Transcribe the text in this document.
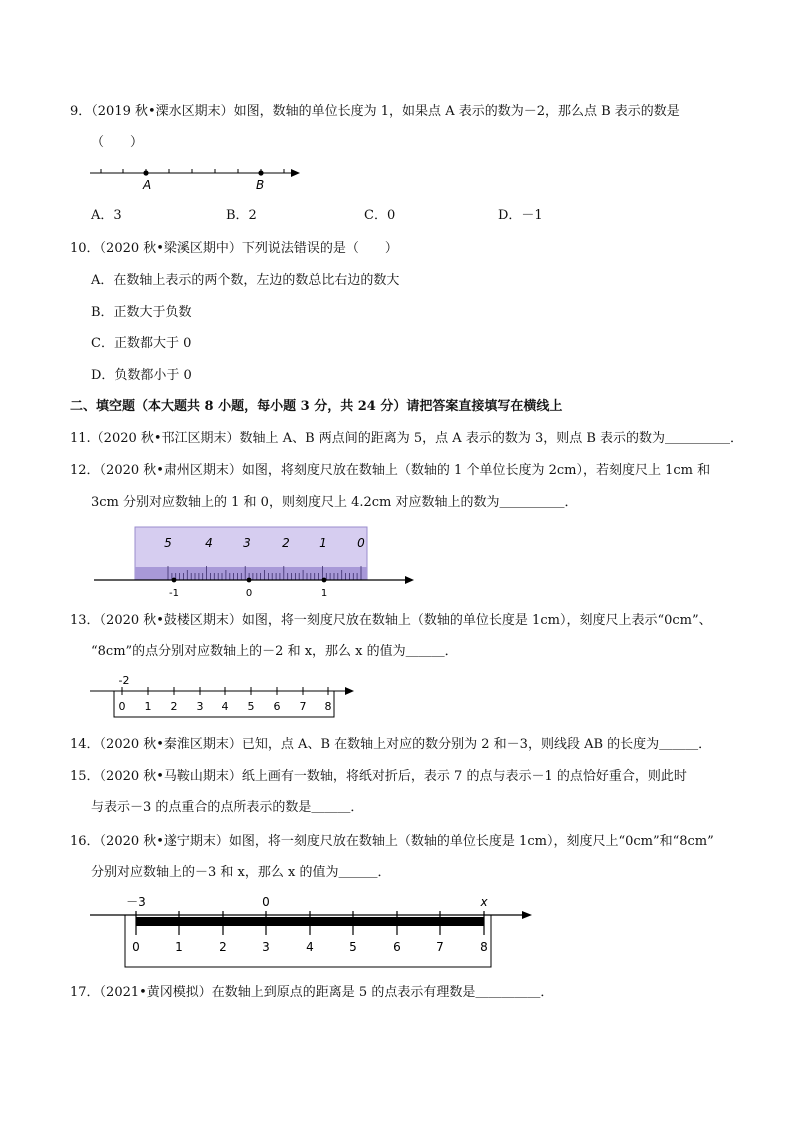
9．（2019 秋•溧水区期末）如图，数轴的单位长度为 1，如果点 A 表示的数为－2，那么点 B 表示的数是
（　　）
A	B
A．3	B．2	C．0	D．－1
10．（2020 秋•梁溪区期中）下列说法错误的是（　　）
A．在数轴上表示的两个数，左边的数总比右边的数大
B．正数大于负数
C．正数都大于 0
D．负数都小于 0
二、填空题（本大题共 8 小题，每小题 3 分，共 24 分）请把答案直接填写在横线上
11.（2020 秋•邗江区期末）数轴上 A、B 两点间的距离为 5，点 A 表示的数为 3，则点 B 表示的数为＿＿＿＿＿．
12．（2020 秋•肃州区期末）如图，将刻度尺放在数轴上（数轴的 1 个单位长度为 2cm），若刻度尺上 1cm 和
3cm 分别对应数轴上的 1 和 0，则刻度尺上 4.2cm 对应数轴上的数为＿＿＿＿＿．
5	4	3	2 1	0
-1	0	1
13．（2020 秋•鼓楼区期末）如图，将一刻度尺放在数轴上（数轴的单位长度是 1cm），刻度尺上表示“0cm”、
“8cm”的点分别对应数轴上的－2 和 x，那么 x 的值为＿＿＿．
-2
0 1 2 3 4 5 6 7 8
14．（2020 秋•秦淮区期末）已知，点 A、B 在数轴上对应的数分别为 2 和－3，则线段 AB 的长度为＿＿＿．
15．（2020 秋•马鞍山期末）纸上画有一数轴，将纸对折后，表示 7 的点与表示－1 的点恰好重合，则此时
与表示－3 的点重合的点所表示的数是＿＿＿．
16．（2020 秋•遂宁期末）如图，将一刻度尺放在数轴上（数轴的单位长度是 1cm），刻度尺上“0cm”和“8cm”
分别对应数轴上的－3 和 x，那么 x 的值为＿＿＿．
－3	0	x
0	1	2	3	4	5	6	7	8
17．（2021•黄冈模拟）在数轴上到原点的距离是 5 的点表示有理数是＿＿＿＿＿．
